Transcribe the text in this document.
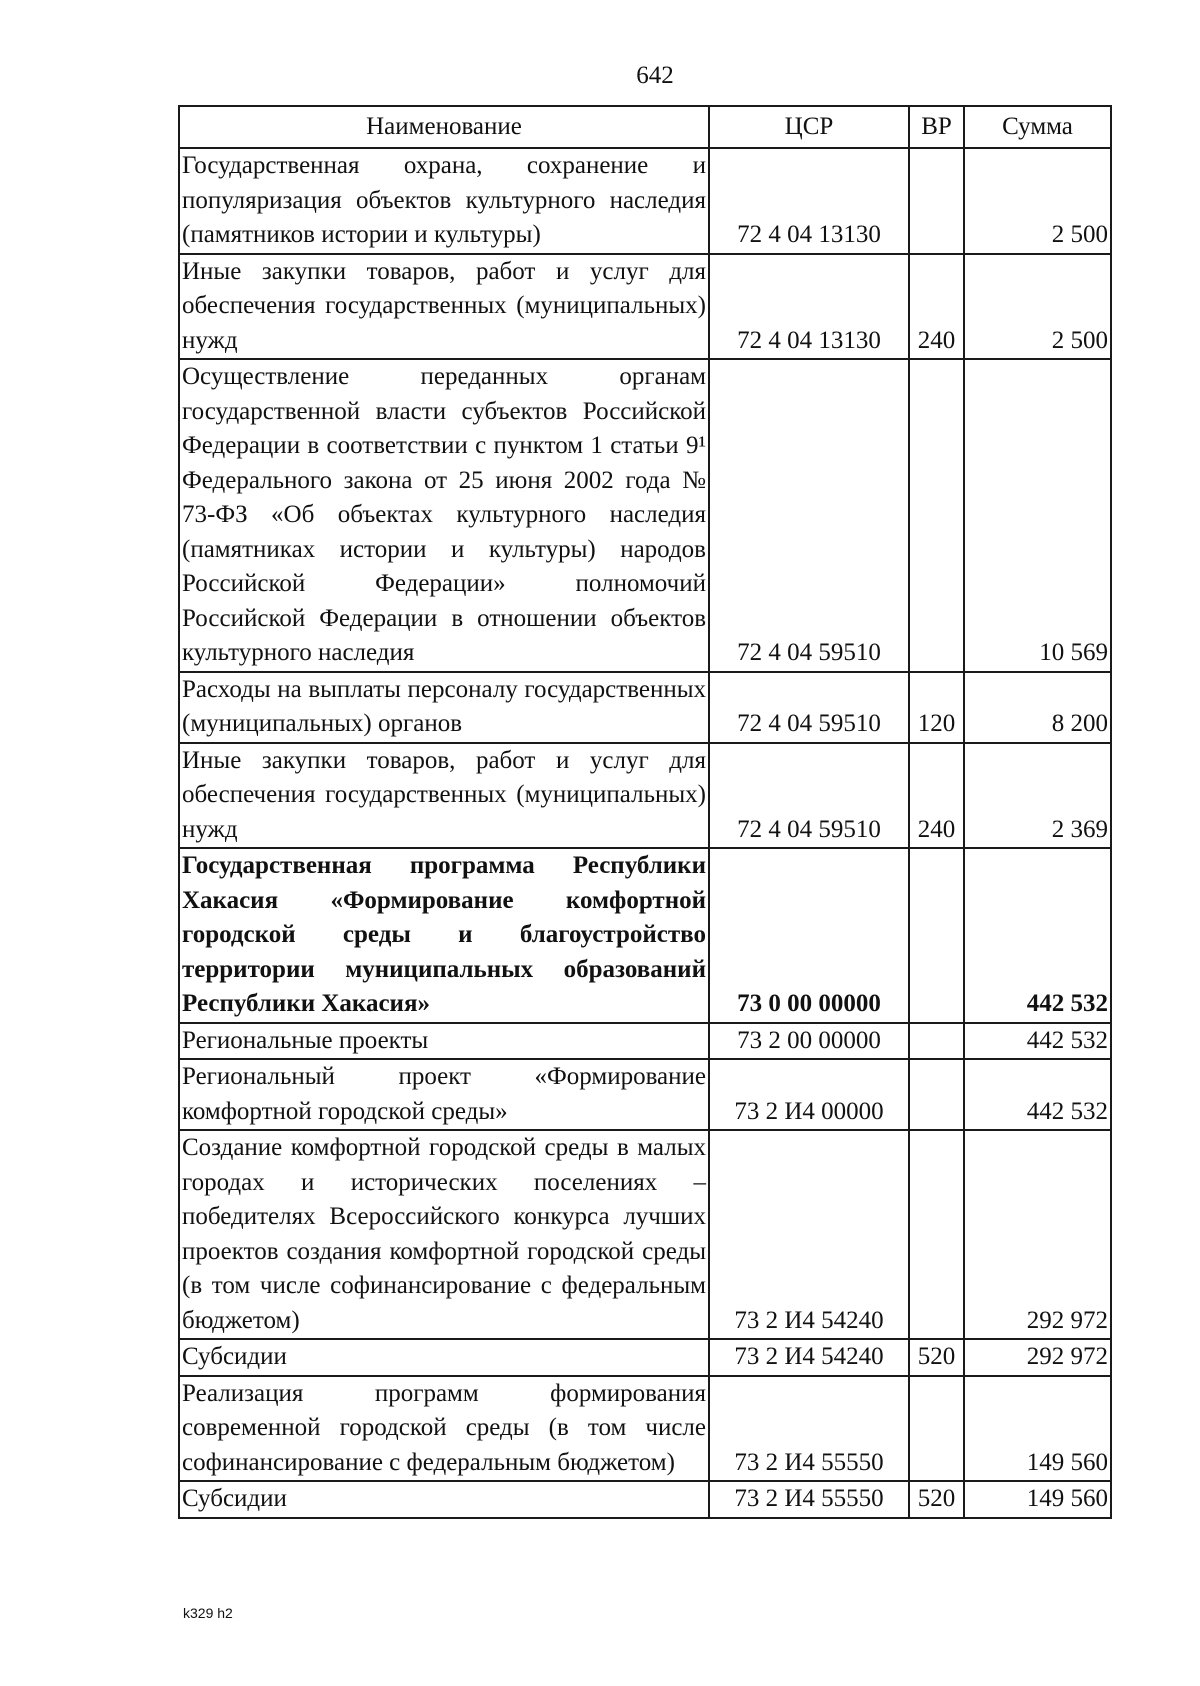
642
Наименование	ЦСР	ВР	Сумма
Государственная охрана, сохранение и популяризация объектов культурного наследия (памятников истории и культуры)	72 4 04 13130		2 500
Иные закупки товаров, работ и услуг для обеспечения государственных (муниципальных) нужд	72 4 04 13130	240	2 500
Осуществление переданных органам государственной власти субъектов Российской Федерации в соответствии с пунктом 1 статьи 9¹ Федерального закона от 25 июня 2002 года № 73-ФЗ «Об объектах культурного наследия (памятниках истории и культуры) народов Российской Федерации» полномочий Российской Федерации в отношении объектов культурного наследия	72 4 04 59510		10 569
Расходы на выплаты персоналу государственных (муниципальных) органов	72 4 04 59510	120	8 200
Иные закупки товаров, работ и услуг для обеспечения государственных (муниципальных) нужд	72 4 04 59510	240	2 369
Государственная программа Республики Хакасия «Формирование комфортной городской среды и благоустройство территории муниципальных образований Республики Хакасия»	73 0 00 00000		442 532
Региональные проекты	73 2 00 00000		442 532
Региональный проект «Формирование комфортной городской среды»	73 2 И4 00000		442 532
Создание комфортной городской среды в малых городах и исторических поселениях – победителях Всероссийского конкурса лучших проектов создания комфортной городской среды (в том числе софинансирование с федеральным бюджетом)	73 2 И4 54240		292 972
Субсидии	73 2 И4 54240	520	292 972
Реализация программ формирования современной городской среды (в том числе софинансирование с федеральным бюджетом)	73 2 И4 55550		149 560
Субсидии	73 2 И4 55550	520	149 560
k329 h2
